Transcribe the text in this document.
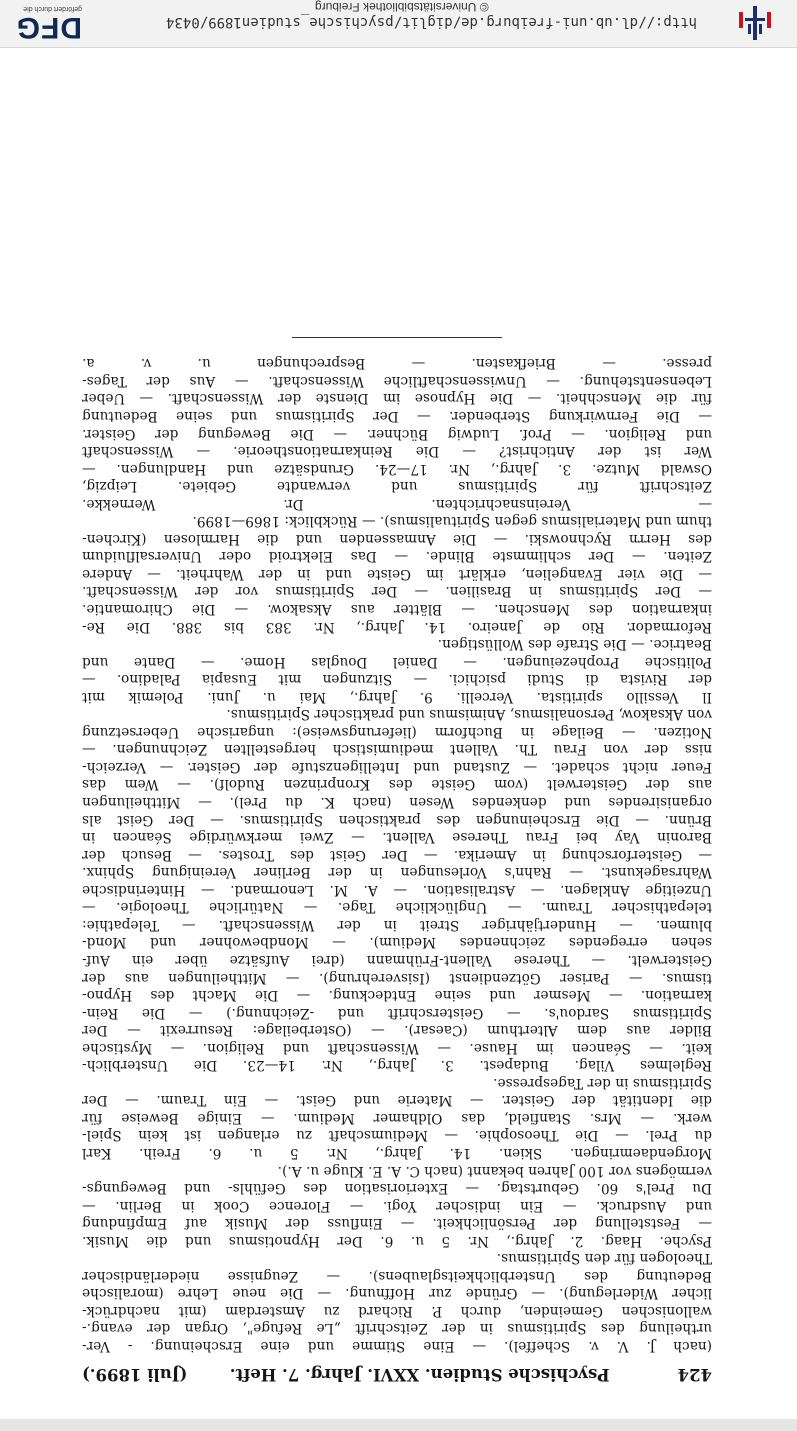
DFG
gefördert durch die	© Universitätsbibliothek Freiburg
http://dl.ub.uni-freiburg.de/diglit/psychische_studien1899/0434
424
Psychische Studien. XXVI. Jahrg. 7. Heft.
(Juli 1899.)
(nach J. V. v. Scheffel). — Eine Stimme und eine Erscheinung. - Ver-
urtheilung des Spiritismus in der Zeitschrift „Le Refuge", Organ der evang.-
wallonischen Gemeinden, durch P. Richard zu Amsterdam (mit nachdrück-
licher Widerlegung). — Gründe zur Hoffnung. — Die neue Lehre (moralische
Bedeutung des Unsterblichkeitsglaubens). — Zeugnisse niederländischer
Theologen für den Spiritismus.
Psyche. Haag. 2. Jahrg., Nr. 5 u. 6. Der Hypnotismus und die Musik.
— Feststellung der Persönlichkeit. — Einfluss der Musik auf Empfindung
und Ausdruck. — Ein indischer Yogi. — Florence Cook in Berlin. —
Du Prel's 60. Geburtstag. — Exteriorisation des Gefühls- und Bewegungs-
vermögens vor 100 Jahren bekannt (nach C. A. E. Kluge u. A.).
Morgendaemringen. Skien. 14. Jahrg., Nr. 5 u. 6. Freih. Karl
du Prel. — Die Theosophie. — Mediumschaft zu erlangen ist kein Spiel-
werk. — Mrs. Stanfield, das Oldhamer Medium. — Einige Beweise für
die Identität der Geister. — Materie und Geist. — Ein Traum. — Der
Spiritismus in der Tagespresse.
Reglelmes Vilag. Budapest. 3. Jahrg., Nr. 14—23. Die Unsterblich-
keit. — Séancen im Hause. — Wissenschaft und Religion. — Mystische
Bilder aus dem Alterthum (Caesar). — (Osterbeilage: Resurrexit — Der
Spiritismus Sardou's. — Geisterschrift und -Zeichnung.) — Die Rein-
karnation. — Mesmer und seine Entdeckung. — Die Macht des Hypno-
tismus. — Pariser Götzendienst (Isisverehrung). — Mittheilungen aus der
Geisterwelt. — Therese Vallent-Frühmann (drei Aufsätze über ein Auf-
sehen erregendes zeichnendes Medium). — Mondbewohner und Mond-
blumen. — Hundertjähriger Streit in der Wissenschaft. — Telepathie:
telepathischer Traum. — Unglückliche Tage. — Natürliche Theologie. —
Unzeitige Anklagen. — Astralisation. — A. M. Lenormand. — Hinterindische
Wahrsagekunst. — Rahn's Vorlesungen in der Berliner Vereinigung Sphinx.
— Geisterforschung in Amerika. — Der Geist des Trostes. — Besuch der
Baronin Vay bei Frau Therese Vallent. — Zwei merkwürdige Séancen in
Brünn. — Die Erscheinungen des praktischen Spiritismus. — Der Geist als
organisirendes und denkendes Wesen (nach K. du Prel). — Mittheilungen
aus der Geisterwelt (vom Geiste des Kronprinzen Rudolf). — Wem das
Feuer nicht schadet. — Zustand und Intelligenzstufe der Geister. — Verzeich-
niss der von Frau Th. Vallent mediumistisch hergestellten Zeichnungen. —
Notizen. — Beilage in Buchform (lieferungsweise): ungarische Uebersetzung
von Aksakow, Personalismus, Animismus und praktischer Spiritismus.
Il Vessillo spiritista. Vercelli. 9. Jahrg., Mai u. Juni. Polemik mit
der Rivista di Studi psichici. — Sitzungen mit Eusapia Paladino. —
Politische Prophezeiungen. — Daniel Douglas Home. — Dante und
Beatrice. — Die Strafe des Wollüstigen.
Reformador. Rio de Janeiro. 14. Jahrg., Nr. 383 bis 388. Die Re-
inkarnation des Menschen. — Blätter aus Aksakow. — Die Chiromantie.
— Der Spiritismus in Brasilien. — Der Spiritismus vor der Wissenschaft.
— Die vier Evangelien, erklärt im Geiste und in der Wahrheit. — Andere
Zeiten. — Der schlimmste Blinde. — Das Elektroid oder Universalfluidum
des Herrn Rychnowski. — Die Anmassenden und die Harmlosen (Kirchen-
thum und Materialismus gegen Spiritualismus). — Rückblick: 1869—1899.
— Vereinsnachrichten. Dr. Wernekke.
Zeitschrift für Spiritismus und verwandte Gebiete. Leipzig,
Oswald Mutze. 3. Jahrg., Nr. 17—24. Grundsätze und Handlungen. —
Wer ist der Antichrist? — Die Reinkarnationstheorie. — Wissenschaft
und Religion. — Prof. Ludwig Büchner. — Die Bewegung der Geister.
— Die Fernwirkung Sterbender. — Der Spiritismus und seine Bedeutung
für die Menschheit. — Die Hypnose im Dienste der Wissenschaft. — Ueber
Lebensentstehung. — Unwissenschaftliche Wissenschaft. — Aus der Tages-
presse. — Briefkasten. — Besprechungen u. v. a.
